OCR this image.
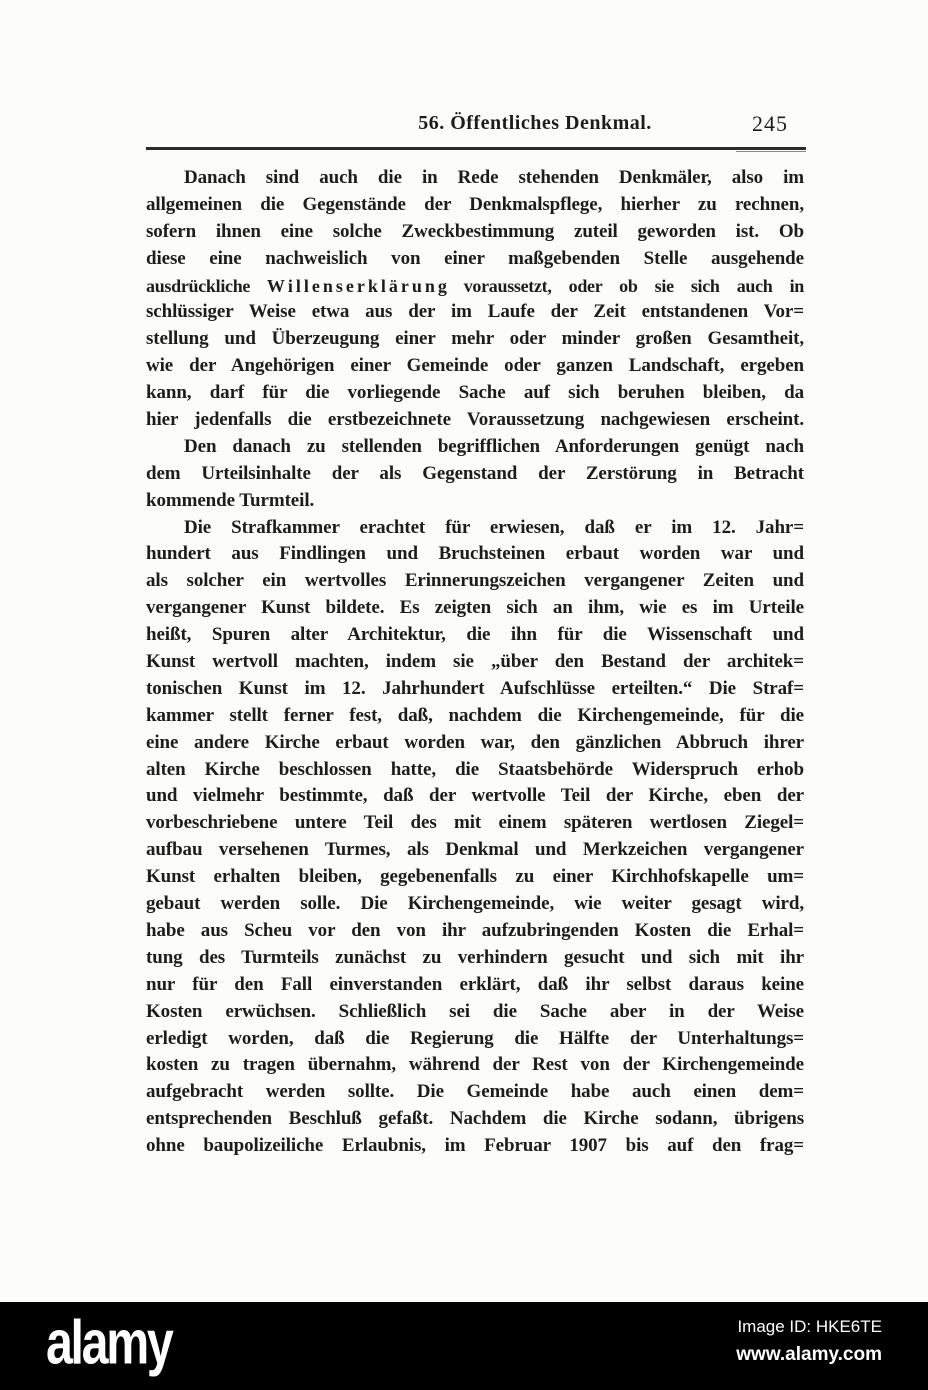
56. Öffentliches Denkmal.	245
Danach sind auch die in Rede stehenden Denkmäler, also im
allgemeinen die Gegenstände der Denkmalspflege, hierher zu rechnen,
sofern ihnen eine solche Zweckbestimmung zuteil geworden ist. Ob
diese eine nachweislich von einer maßgebenden Stelle ausgehende
ausdrückliche W i l l e n s e r k l ä r u n g voraussetzt, oder ob sie sich auch in
schlüssiger Weise etwa aus der im Laufe der Zeit entstandenen Vor=
stellung und Überzeugung einer mehr oder minder großen Gesamtheit,
wie der Angehörigen einer Gemeinde oder ganzen Landschaft, ergeben
kann, darf für die vorliegende Sache auf sich beruhen bleiben, da
hier jedenfalls die erstbezeichnete Voraussetzung nachgewiesen erscheint.
Den danach zu stellenden begrifflichen Anforderungen genügt nach
dem Urteilsinhalte der als Gegenstand der Zerstörung in Betracht
kommende Turmteil.
Die Strafkammer erachtet für erwiesen, daß er im 12. Jahr=
hundert aus Findlingen und Bruchsteinen erbaut worden war und
als solcher ein wertvolles Erinnerungszeichen vergangener Zeiten und
vergangener Kunst bildete. Es zeigten sich an ihm, wie es im Urteile
heißt, Spuren alter Architektur, die ihn für die Wissenschaft und
Kunst wertvoll machten, indem sie „über den Bestand der architek=
tonischen Kunst im 12. Jahrhundert Aufschlüsse erteilten.“ Die Straf=
kammer stellt ferner fest, daß, nachdem die Kirchengemeinde, für die
eine andere Kirche erbaut worden war, den gänzlichen Abbruch ihrer
alten Kirche beschlossen hatte, die Staatsbehörde Widerspruch erhob
und vielmehr bestimmte, daß der wertvolle Teil der Kirche, eben der
vorbeschriebene untere Teil des mit einem späteren wertlosen Ziegel=
aufbau versehenen Turmes, als Denkmal und Merkzeichen vergangener
Kunst erhalten bleiben, gegebenenfalls zu einer Kirchhofskapelle um=
gebaut werden solle. Die Kirchengemeinde, wie weiter gesagt wird,
habe aus Scheu vor den von ihr aufzubringenden Kosten die Erhal=
tung des Turmteils zunächst zu verhindern gesucht und sich mit ihr
nur für den Fall einverstanden erklärt, daß ihr selbst daraus keine
Kosten erwüchsen. Schließlich sei die Sache aber in der Weise
erledigt worden, daß die Regierung die Hälfte der Unterhaltungs=
kosten zu tragen übernahm, während der Rest von der Kirchengemeinde
aufgebracht werden sollte. Die Gemeinde habe auch einen dem=
entsprechenden Beschluß gefaßt. Nachdem die Kirche sodann, übrigens
ohne baupolizeiliche Erlaubnis, im Februar 1907 bis auf den frag=
alamy	Image ID: HKE6TE

www.alamy.com
